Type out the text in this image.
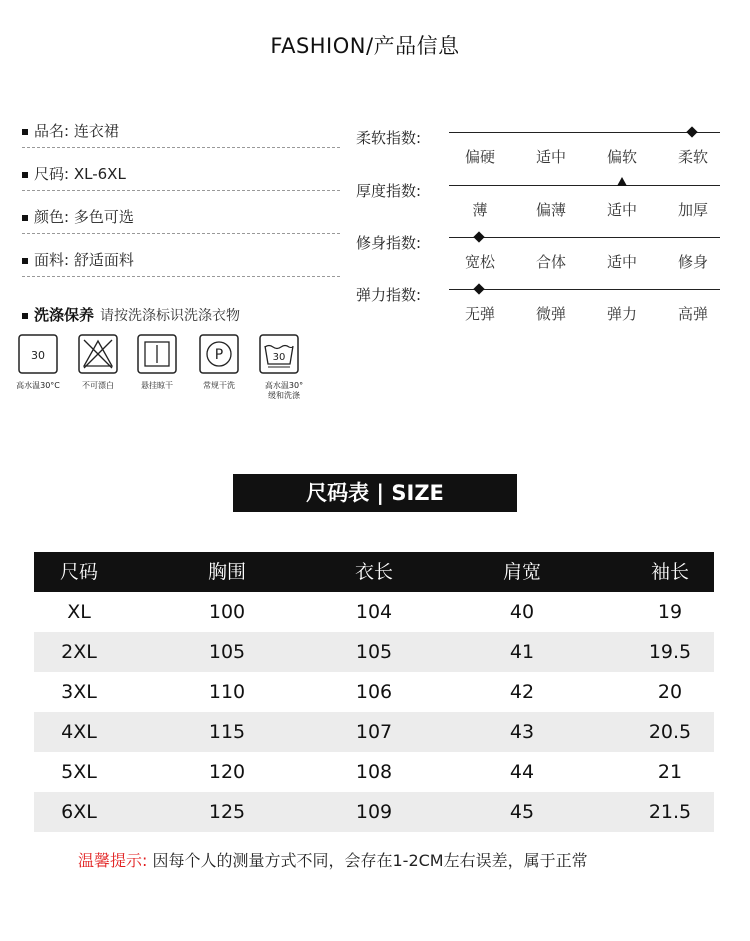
FASHION/产品信息
品名: 连衣裙
尺码: XL-6XL
颜色: 多色可选
面料: 舒适面料
洗涤保养 请按洗涤标识洗涤衣物
30	P	30
高水温30°C	不可漂白	悬挂晾干	常规干洗	高水温30°
缓和洗涤
柔软指数:
偏硬	适中	偏软	柔软
厚度指数:
薄	偏薄	适中	加厚
修身指数:
宽松	合体	适中	修身
弹力指数:
无弹	微弹	弹力	高弹
尺码表 | SIZE
尺码	胸围	衣长	肩宽	袖长
XL	100	104	40	19
2XL	105	105	41	19.5
3XL	110	106	42	20
4XL	115	107	43	20.5
5XL	120	108	44	21
6XL	125	109	45	21.5
温馨提示: 因每个人的测量方式不同，会存在1-2CM左右误差，属于正常
